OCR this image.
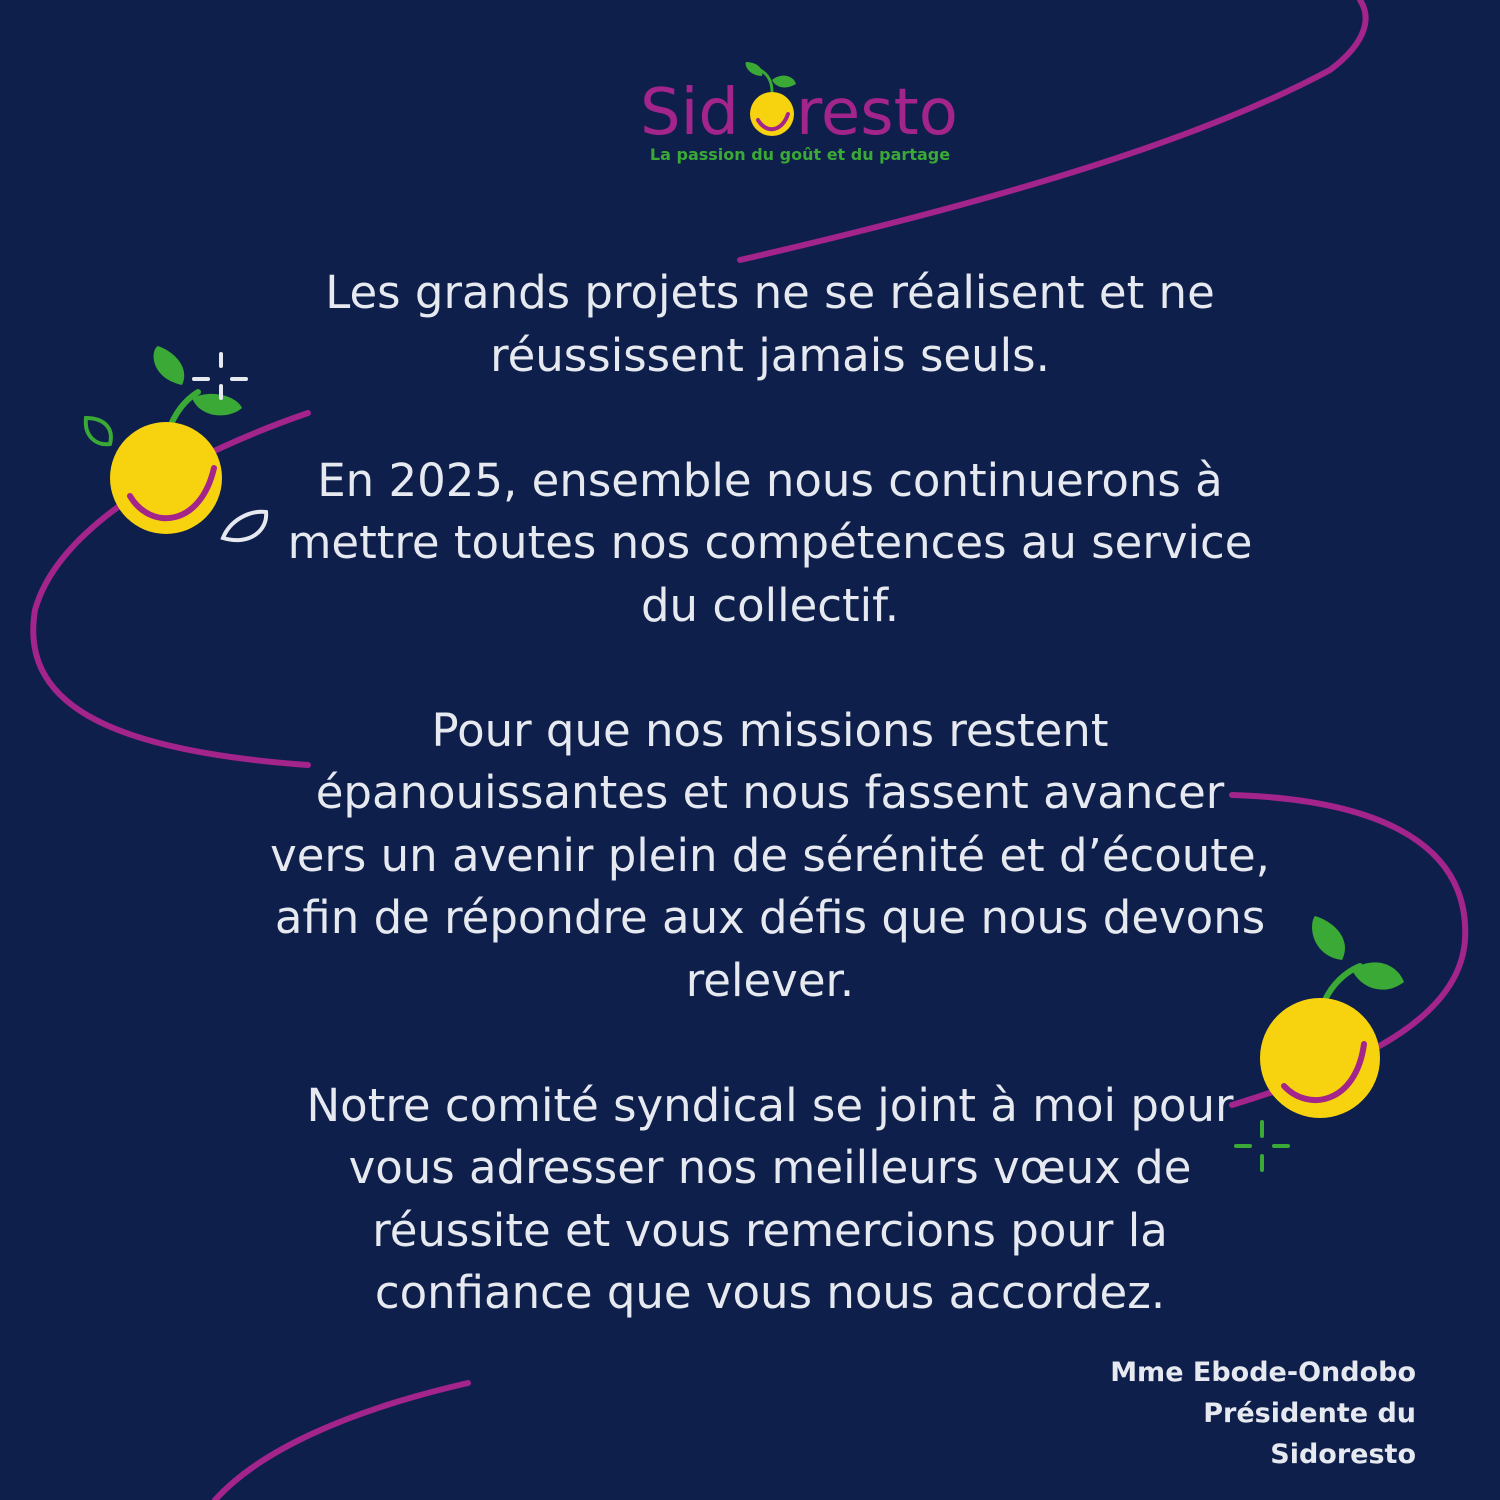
Sid resto
La passion du goût et du partage

Les grands projets ne se réalisent et ne réussissent jamais seuls.

En 2025, ensemble nous continuerons à mettre toutes nos compétences au service du collectif.

Pour que nos missions restent épanouissantes et nous fassent avancer vers un avenir plein de sérénité et d’écoute, afin de répondre aux défis que nous devons relever.

Notre comité syndical se joint à moi pour vous adresser nos meilleurs vœux de réussite et vous remercions pour la confiance que vous nous accordez.

Mme Ebode-Ondobo
Présidente du
Sidoresto
